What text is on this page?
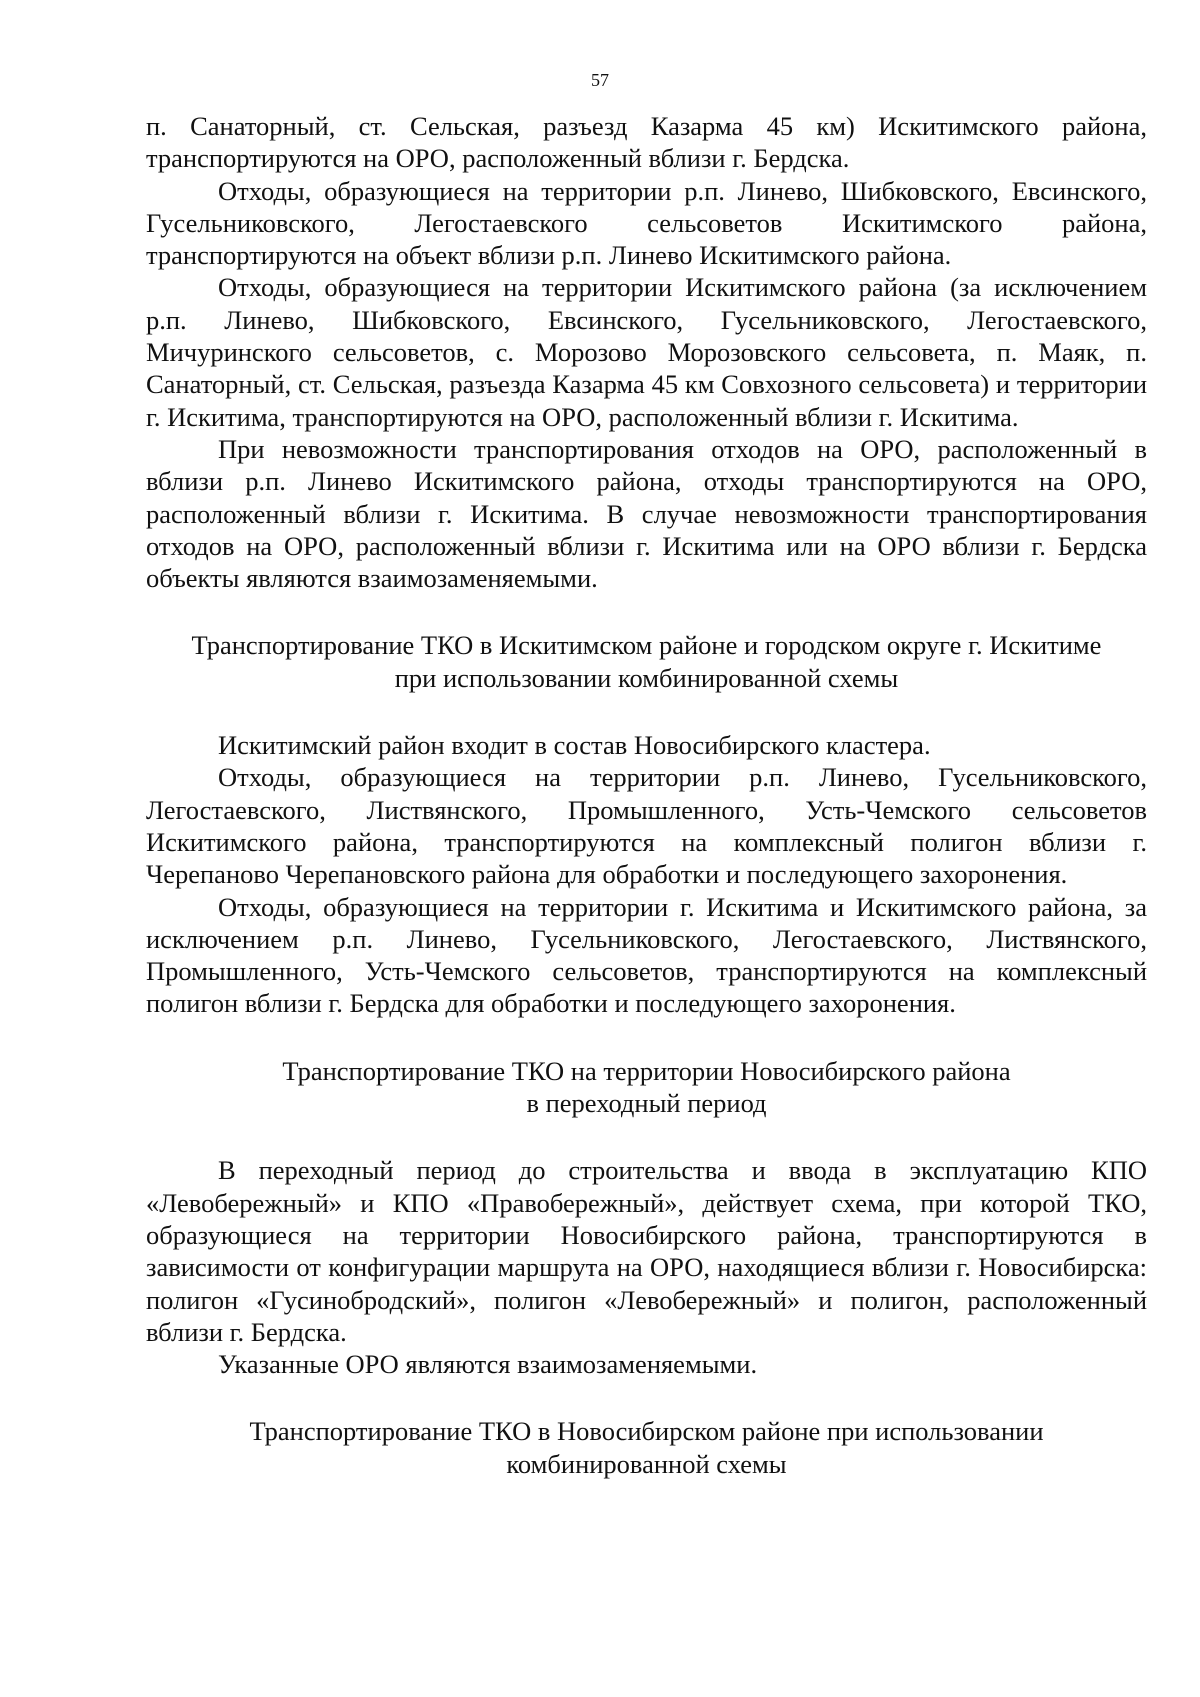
57

п. Санаторный, ст. Сельская, разъезд Казарма 45 км) Искитимского района, транспортируются на ОРО, расположенный вблизи г. Бердска.

Отходы, образующиеся на территории р.п. Линево, Шибковского, Евсинского, Гусельниковского, Легостаевского сельсоветов Искитимского района, транспортируются на объект вблизи р.п. Линево Искитимского района.

Отходы, образующиеся на территории Искитимского района (за исключением р.п. Линево, Шибковского, Евсинского, Гусельниковского, Легостаевского, Мичуринского сельсоветов, с. Морозово Морозовского сельсовета, п. Маяк, п. Санаторный, ст. Сельская, разъезда Казарма 45 км Совхозного сельсовета) и территории г. Искитима, транспортируются на ОРО, расположенный вблизи г. Искитима.

При невозможности транспортирования отходов на ОРО, расположенный в вблизи р.п. Линево Искитимского района, отходы транспортируются на ОРО, расположенный вблизи г. Искитима. В случае невозможности транспортирования отходов на ОРО, расположенный вблизи г. Искитима или на ОРО вблизи г. Бердска объекты являются взаимозаменяемыми.

Транспортирование ТКО в Искитимском районе и городском округе г. Искитиме
при использовании комбинированной схемы

Искитимский район входит в состав Новосибирского кластера.

Отходы, образующиеся на территории р.п. Линево, Гусельниковского, Легостаевского, Листвянского, Промышленного, Усть-Чемского сельсоветов Искитимского района, транспортируются на комплексный полигон вблизи г. Черепаново Черепановского района для обработки и последующего захоронения.

Отходы, образующиеся на территории г. Искитима и Искитимского района, за исключением р.п. Линево, Гусельниковского, Легостаевского, Листвянского, Промышленного, Усть-Чемского сельсоветов, транспортируются на комплексный полигон вблизи г. Бердска для обработки и последующего захоронения.

Транспортирование ТКО на территории Новосибирского района
в переходный период

В переходный период до строительства и ввода в эксплуатацию КПО «Левобережный» и КПО «Правобережный», действует схема, при которой ТКО, образующиеся на территории Новосибирского района, транспортируются в зависимости от конфигурации маршрута на ОРО, находящиеся вблизи г. Новосибирска: полигон «Гусинобродский», полигон «Левобережный» и полигон, расположенный вблизи г. Бердска.

Указанные ОРО являются взаимозаменяемыми.

Транспортирование ТКО в Новосибирском районе при использовании
комбинированной схемы
